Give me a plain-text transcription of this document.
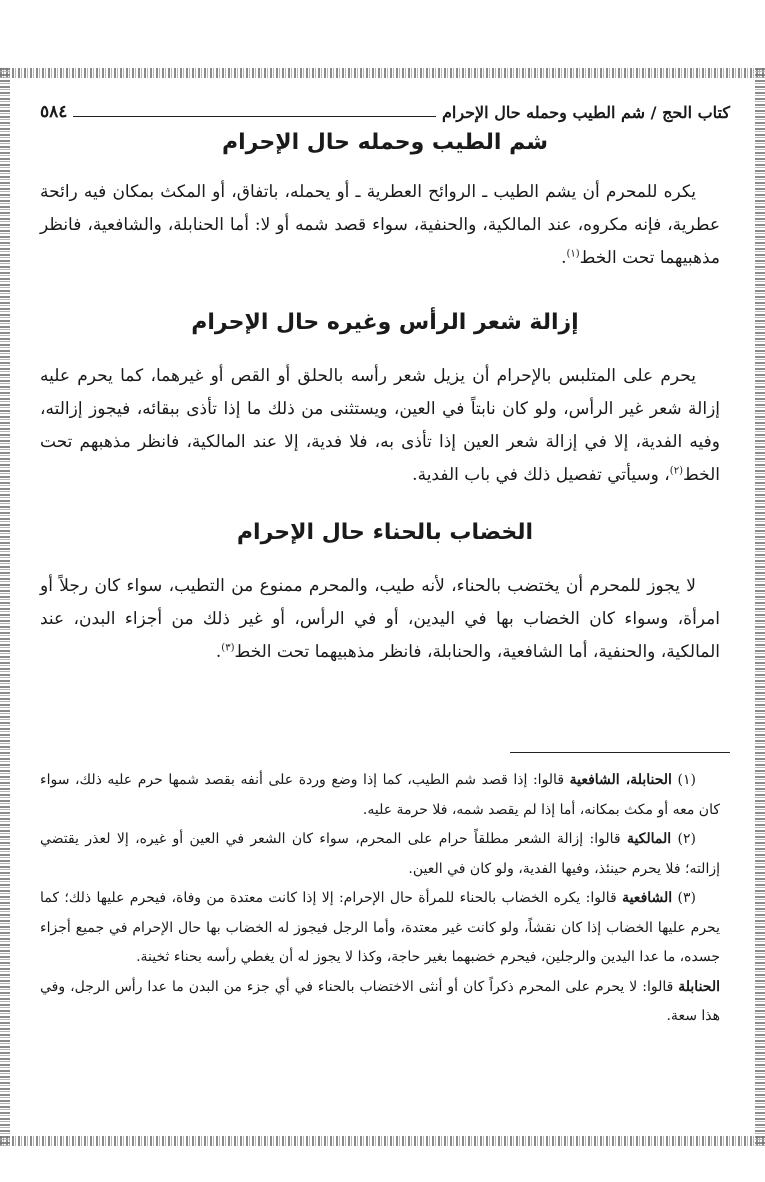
كتاب الحج / شم الطيب وحمله حال الإحرام
٥٨٤
شم الطيب وحمله حال الإحرام
يكره للمحرم أن يشم الطيب ـ الروائح العطرية ـ أو يحمله، باتفاق، أو المكث بمكان فيه رائحة عطرية، فإنه مكروه، عند المالكية، والحنفية، سواء قصد شمه أو لا: أما الحنابلة، والشافعية، فانظر مذهبيهما تحت الخط$^{(١)}$.
إزالة شعر الرأس وغيره حال الإحرام
يحرم على المتلبس بالإحرام أن يزيل شعر رأسه بالحلق أو القص أو غيرهما، كما يحرم عليه إزالة شعر غير الرأس، ولو كان نابتاً في العين، ويستثنى من ذلك ما إذا تأذى ببقائه، فيجوز إزالته، وفيه الفدية، إلا في إزالة شعر العين إذا تأذى به، فلا فدية، إلا عند المالكية، فانظر مذهبهم تحت الخط$^{(٢)}$، وسيأتي تفصيل ذلك في باب الفدية.
الخضاب بالحناء حال الإحرام
لا يجوز للمحرم أن يختضب بالحناء، لأنه طيب، والمحرم ممنوع من التطيب، سواء كان رجلاً أو امرأة، وسواء كان الخضاب بها في اليدين، أو في الرأس، أو غير ذلك من أجزاء البدن، عند المالكية، والحنفية، أما الشافعية، والحنابلة، فانظر مذهبيهما تحت الخط$^{(٣)}$.

(١) الحنابلة، الشافعية قالوا: إذا قصد شم الطيب، كما إذا وضع وردة على أنفه بقصد شمها حرم عليه ذلك، سواء كان معه أو مكث بمكانه، أما إذا لم يقصد شمه، فلا حرمة عليه.

(٢) المالكية قالوا: إزالة الشعر مطلقاً حرام على المحرم، سواء كان الشعر في العين أو غيره، إلا لعذر يقتضي إزالته؛ فلا يحرم حينئذ، وفيها الفدية، ولو كان في العين.

(٣) الشافعية قالوا: يكره الخضاب بالحناء للمرأة حال الإحرام: إلا إذا كانت معتدة من وفاة، فيحرم عليها ذلك؛ كما يحرم عليها الخضاب إذا كان نقشاً، ولو كانت غير معتدة، وأما الرجل فيجوز له الخضاب بها حال الإحرام في جميع أجزاء جسده، ما عدا اليدين والرجلين، فيحرم خضبهما بغير حاجة، وكذا لا يجوز له أن يغطي رأسه بحناء ثخينة.

الحنابلة قالوا: لا يحرم على المحرم ذكراً كان أو أنثى الاختضاب بالحناء في أي جزء من البدن ما عدا رأس الرجل، وفي هذا سعة.
